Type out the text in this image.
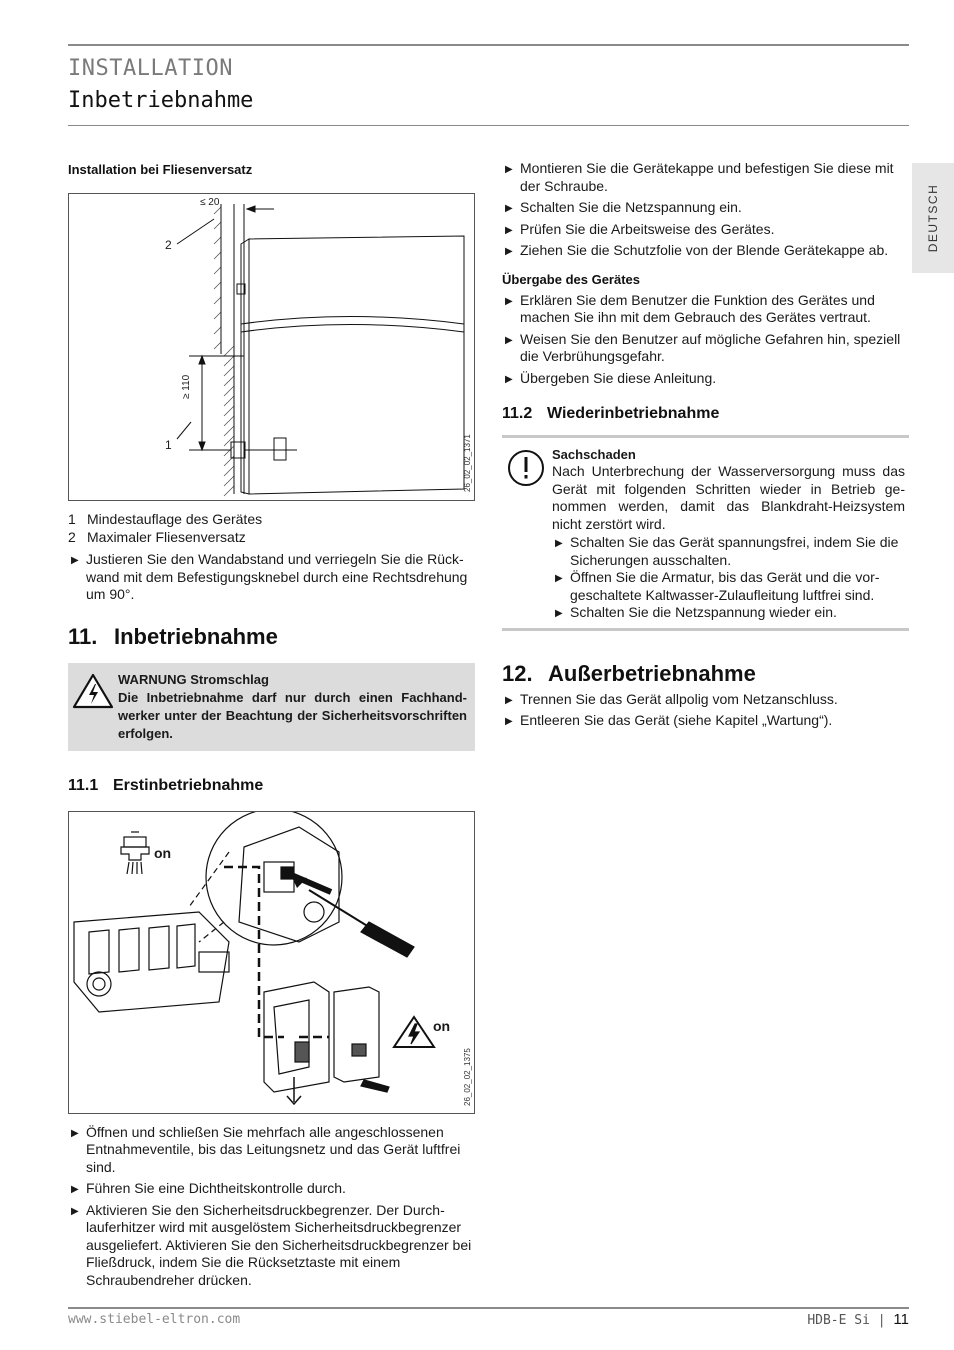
INSTALLATION
Inbetriebnahme
DEUTSCH
Installation bei Fliesenversatz
≤ 20
≥ 110
1
2
26_02_02_1371
1 Mindestauflage des Gerätes
2 Maximaler Fliesenversatz
▶ Justieren Sie den Wandabstand und verriegeln Sie die Rückwand mit dem Befestigungsknebel durch eine Rechtsdrehung um 90°.
11. Inbetriebnahme
WARNUNG Stromschlag
Die Inbetriebnahme darf nur durch einen Fachhandwerker unter der Beachtung der Sicherheitsvorschriften erfolgen.
11.1 Erstinbetriebnahme
on
on
26_02_02_1375
▶ Öffnen und schließen Sie mehrfach alle angeschlossenen Entnahmeventile, bis das Leitungsnetz und das Gerät luftfrei sind.
▶ Führen Sie eine Dichtheitskontrolle durch.
▶ Aktivieren Sie den Sicherheitsdruckbegrenzer. Der Durchlauferhitzer wird mit ausgelöstem Sicherheitsdruckbegrenzer ausgeliefert. Aktivieren Sie den Sicherheitsdruckbegrenzer bei Fließdruck, indem Sie die Rücksetztaste mit einem Schraubendreher drücken.
▶ Montieren Sie die Gerätekappe und befestigen Sie diese mit der Schraube.
▶ Schalten Sie die Netzspannung ein.
▶ Prüfen Sie die Arbeitsweise des Gerätes.
▶ Ziehen Sie die Schutzfolie von der Blende Gerätekappe ab.
Übergabe des Gerätes
▶ Erklären Sie dem Benutzer die Funktion des Gerätes und machen Sie ihn mit dem Gebrauch des Gerätes vertraut.
▶ Weisen Sie den Benutzer auf mögliche Gefahren hin, speziell die Verbrühungsgefahr.
▶ Übergeben Sie diese Anleitung.
11.2 Wiederinbetriebnahme
Sachschaden

Nach Unterbrechung der Wasserversorgung muss das Gerät mit folgenden Schritten wieder in Betrieb genommen werden, damit das Blankdraht-Heizsystem nicht zerstört wird.

▶ Schalten Sie das Gerät spannungsfrei, indem Sie die Sicherungen ausschalten.
▶ Öffnen Sie die Armatur, bis das Gerät und die vorgeschaltete Kaltwasser-Zulaufleitung luftfrei sind.
▶ Schalten Sie die Netzspannung wieder ein.
12. Außerbetriebnahme
▶ Trennen Sie das Gerät allpolig vom Netzanschluss.
▶ Entleeren Sie das Gerät (siehe Kapitel „Wartung“).
www.stiebel-eltron.com	HDB-E Si | 11
